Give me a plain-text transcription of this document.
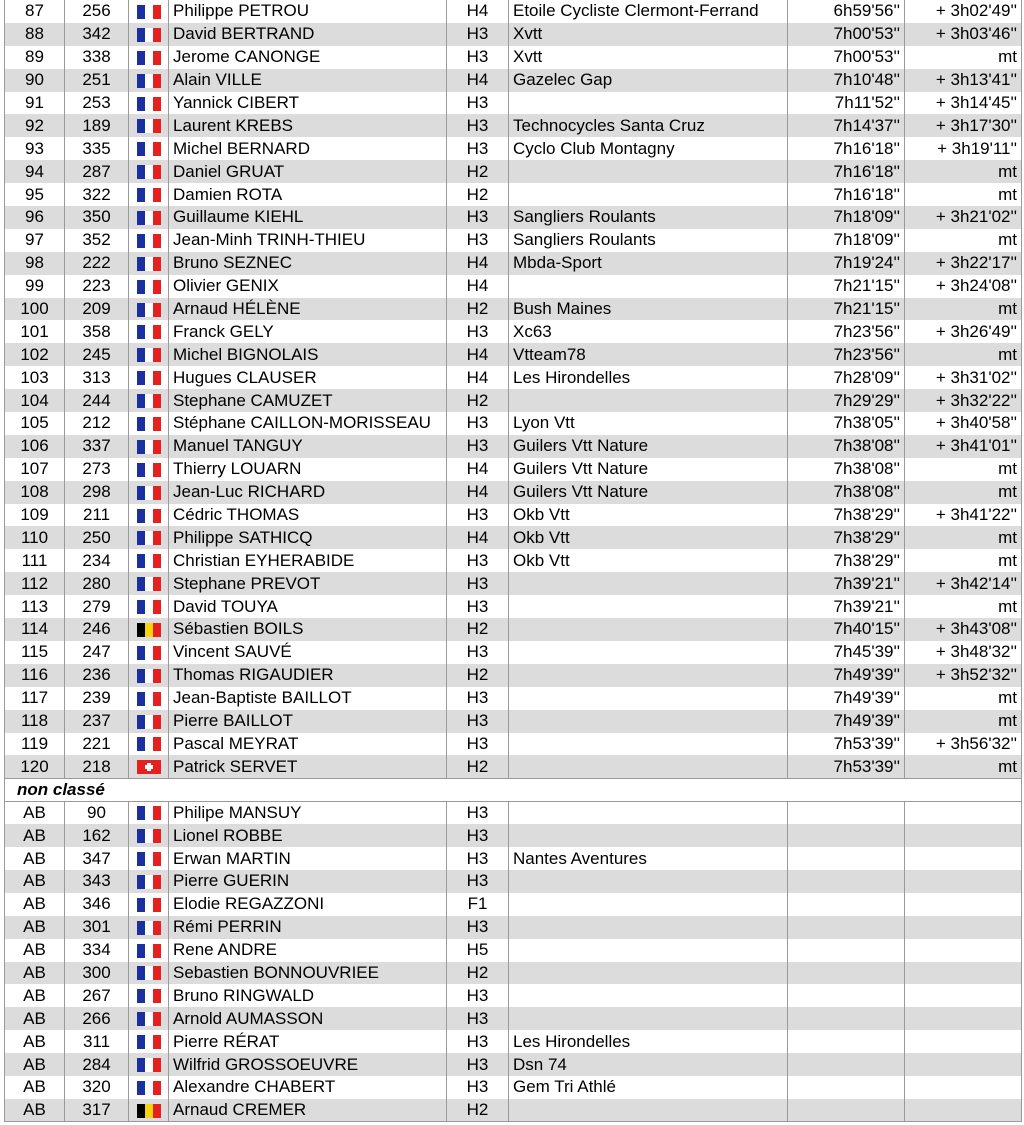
87	256		Philippe PETROU	H4	Etoile Cycliste Clermont-Ferrand	6h59'56''	+ 3h02'49''
88	342		David BERTRAND	H3	Xvtt	7h00'53''	+ 3h03'46''
89	338		Jerome CANONGE	H3	Xvtt	7h00'53''	mt
90	251		Alain VILLE	H4	Gazelec Gap	7h10'48''	+ 3h13'41''
91	253		Yannick CIBERT	H3		7h11'52''	+ 3h14'45''
92	189		Laurent KREBS	H3	Technocycles Santa Cruz	7h14'37''	+ 3h17'30''
93	335		Michel BERNARD	H3	Cyclo Club Montagny	7h16'18''	+ 3h19'11''
94	287		Daniel GRUAT	H2		7h16'18''	mt
95	322		Damien ROTA	H2		7h16'18''	mt
96	350		Guillaume KIEHL	H3	Sangliers Roulants	7h18'09''	+ 3h21'02''
97	352		Jean-Minh TRINH-THIEU	H3	Sangliers Roulants	7h18'09''	mt
98	222		Bruno SEZNEC	H4	Mbda-Sport	7h19'24''	+ 3h22'17''
99	223		Olivier GENIX	H4		7h21'15''	+ 3h24'08''
100	209		Arnaud HÉLÈNE	H2	Bush Maines	7h21'15''	mt
101	358		Franck GELY	H3	Xc63	7h23'56''	+ 3h26'49''
102	245		Michel BIGNOLAIS	H4	Vtteam78	7h23'56''	mt
103	313		Hugues CLAUSER	H4	Les Hirondelles	7h28'09''	+ 3h31'02''
104	244		Stephane CAMUZET	H2		7h29'29''	+ 3h32'22''
105	212		Stéphane CAILLON-MORISSEAU	H3	Lyon Vtt	7h38'05''	+ 3h40'58''
106	337		Manuel TANGUY	H3	Guilers Vtt Nature	7h38'08''	+ 3h41'01''
107	273		Thierry LOUARN	H4	Guilers Vtt Nature	7h38'08''	mt
108	298		Jean-Luc RICHARD	H4	Guilers Vtt Nature	7h38'08''	mt
109	211		Cédric THOMAS	H3	Okb Vtt	7h38'29''	+ 3h41'22''
110	250		Philippe SATHICQ	H4	Okb Vtt	7h38'29''	mt
111	234		Christian EYHERABIDE	H3	Okb Vtt	7h38'29''	mt
112	280		Stephane PREVOT	H3		7h39'21''	+ 3h42'14''
113	279		David TOUYA	H3		7h39'21''	mt
114	246		Sébastien BOILS	H2		7h40'15''	+ 3h43'08''
115	247		Vincent SAUVÉ	H3		7h45'39''	+ 3h48'32''
116	236		Thomas RIGAUDIER	H2		7h49'39''	+ 3h52'32''
117	239		Jean-Baptiste BAILLOT	H3		7h49'39''	mt
118	237		Pierre BAILLOT	H3		7h49'39''	mt
119	221		Pascal MEYRAT	H3		7h53'39''	+ 3h56'32''
120	218		Patrick SERVET	H2		7h53'39''	mt
non classé							
AB	90		Philipe MANSUY	H3			
AB	162		Lionel ROBBE	H3			
AB	347		Erwan MARTIN	H3	Nantes Aventures		
AB	343		Pierre GUERIN	H3			
AB	346		Elodie REGAZZONI	F1			
AB	301		Rémi PERRIN	H3			
AB	334		Rene ANDRE	H5			
AB	300		Sebastien BONNOUVRIEE	H2			
AB	267		Bruno RINGWALD	H3			
AB	266		Arnold AUMASSON	H3			
AB	311		Pierre RÉRAT	H3	Les Hirondelles		
AB	284		Wilfrid GROSSOEUVRE	H3	Dsn 74		
AB	320		Alexandre CHABERT	H3	Gem Tri Athlé		
AB	317		Arnaud CREMER	H2			
